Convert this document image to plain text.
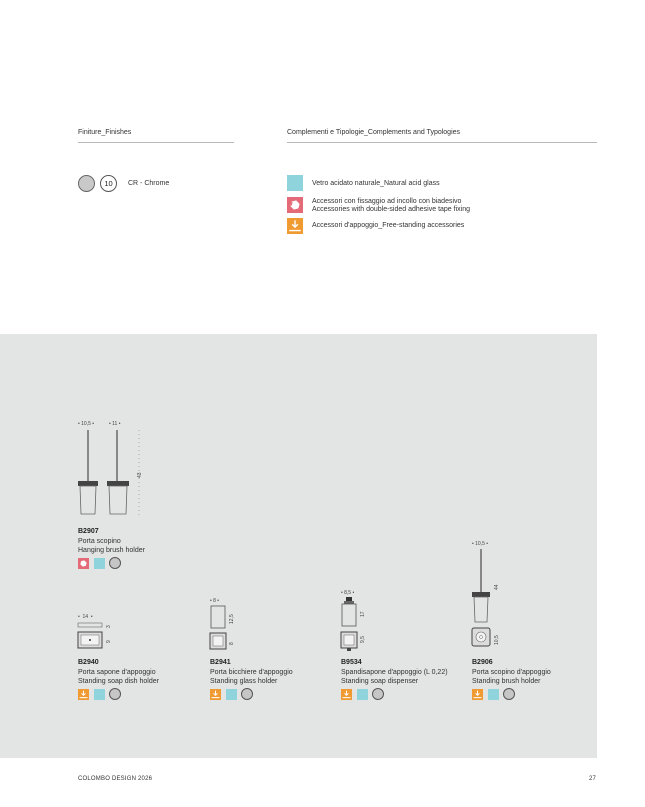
Finiture_Finishes	Complementi e Tipologie_Complements and Typologies
10	CR - Chrome	Vetro acidato naturale_Natural acid glass
Accessori con fissaggio ad incollo con biadesivo
Accessories with double-sided adhesive tape fixing
Accessori d'appoggio_Free-standing accessories
• 10,5 •	• 11 •
43
B2907
Porta scopino
Hanging brush holder
•  14  •
3
9
B2940
Porta sapone d'appoggio
Standing soap dish holder
• 8 •
12,5
8
B2941
Porta bicchiere d'appoggio
Standing glass holder
• 8,5 •
17
9,5
B9534
Spandisapone d'appoggio (L 0,22)
Standing soap dispenser
• 10,5 •
44
10,5
B2906
Porta scopino d'appoggio
Standing brush holder
COLOMBO DESIGN 2026	27
